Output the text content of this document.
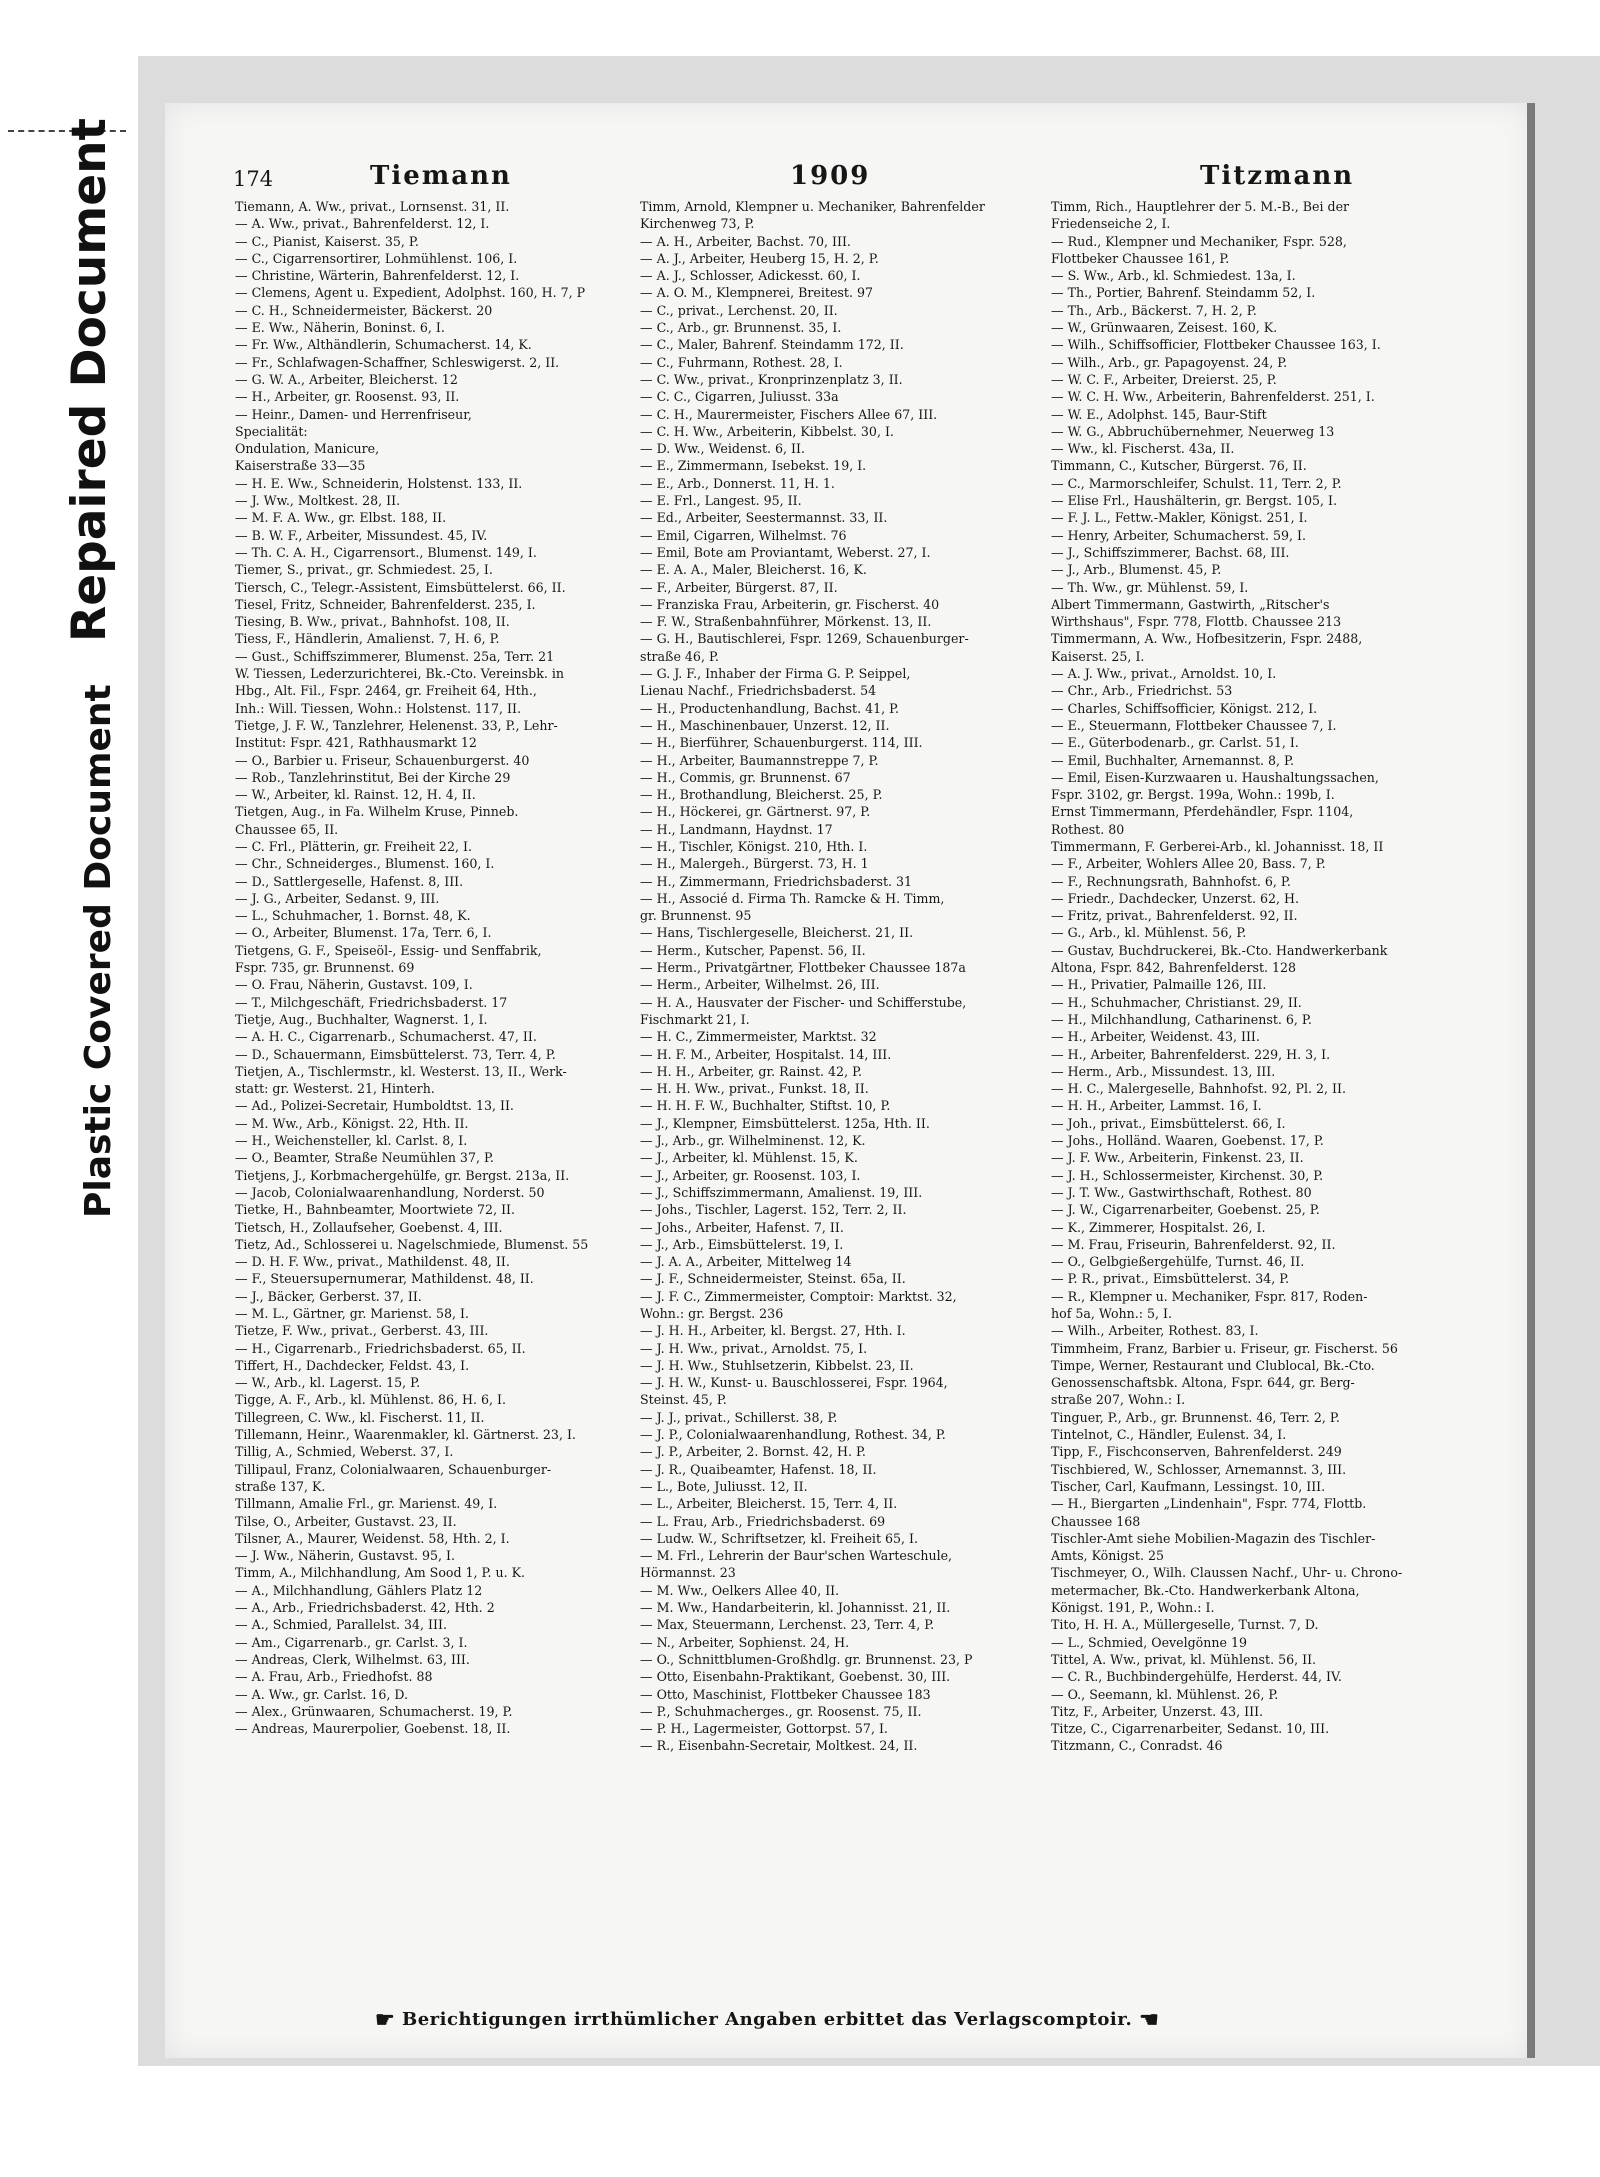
Repaired Document
Plastic Covered Document
174	Tiemann	1909	Titzmann
Tiemann, A. Ww., privat., Lornsenst. 31, II.
— A. Ww., privat., Bahrenfelderst. 12, I.
— C., Pianist, Kaiserst. 35, P.
— C., Cigarrensortirer, Lohmühlenst. 106, I.
— Christine, Wärterin, Bahrenfelderst. 12, I.
— Clemens, Agent u. Expedient, Adolphst. 160, H. 7, P
— C. H., Schneidermeister, Bäckerst. 20
— E. Ww., Näherin, Boninst. 6, I.
— Fr. Ww., Althändlerin, Schumacherst. 14, K.
— Fr., Schlafwagen-Schaffner, Schleswigerst. 2, II.
— G. W. A., Arbeiter, Bleicherst. 12
— H., Arbeiter, gr. Roosenst. 93, II.
— Heinr., Damen- und Herrenfriseur,
Specialität:
Ondulation, Manicure,
Kaiserstraße 33—35
— H. E. Ww., Schneiderin, Holstenst. 133, II.
— J. Ww., Moltkest. 28, II.
— M. F. A. Ww., gr. Elbst. 188, II.
— B. W. F., Arbeiter, Missundest. 45, IV.
— Th. C. A. H., Cigarrensort., Blumenst. 149, I.
Tiemer, S., privat., gr. Schmiedest. 25, I.
Tiersch, C., Telegr.-Assistent, Eimsbüttelerst. 66, II.
Tiesel, Fritz, Schneider, Bahrenfelderst. 235, I.
Tiesing, B. Ww., privat., Bahnhofst. 108, II.
Tiess, F., Händlerin, Amalienst. 7, H. 6, P.
— Gust., Schiffszimmerer, Blumenst. 25a, Terr. 21
W. Tiessen, Lederzurichterei, Bk.-Cto. Vereinsbk. in
Hbg., Alt. Fil., Fspr. 2464, gr. Freiheit 64, Hth.,
Inh.: Will. Tiessen, Wohn.: Holstenst. 117, II.
Tietge, J. F. W., Tanzlehrer, Helenenst. 33, P., Lehr-
Institut: Fspr. 421, Rathhausmarkt 12
— O., Barbier u. Friseur, Schauenburgerst. 40
— Rob., Tanzlehrinstitut, Bei der Kirche 29
— W., Arbeiter, kl. Rainst. 12, H. 4, II.
Tietgen, Aug., in Fa. Wilhelm Kruse, Pinneb.
Chaussee 65, II.
— C. Frl., Plätterin, gr. Freiheit 22, I.
— Chr., Schneiderges., Blumenst. 160, I.
— D., Sattlergeselle, Hafenst. 8, III.
— J. G., Arbeiter, Sedanst. 9, III.
— L., Schuhmacher, 1. Bornst. 48, K.
— O., Arbeiter, Blumenst. 17a, Terr. 6, I.
Tietgens, G. F., Speiseöl-, Essig- und Senffabrik,
Fspr. 735, gr. Brunnenst. 69
— O. Frau, Näherin, Gustavst. 109, I.
— T., Milchgeschäft, Friedrichsbaderst. 17
Tietje, Aug., Buchhalter, Wagnerst. 1, I.
— A. H. C., Cigarrenarb., Schumacherst. 47, II.
— D., Schauermann, Eimsbüttelerst. 73, Terr. 4, P.
Tietjen, A., Tischlermstr., kl. Westerst. 13, II., Werk-
statt: gr. Westerst. 21, Hinterh.
— Ad., Polizei-Secretair, Humboldtst. 13, II.
— M. Ww., Arb., Königst. 22, Hth. II.
— H., Weichensteller, kl. Carlst. 8, I.
— O., Beamter, Straße Neumühlen 37, P.
Tietjens, J., Korbmachergehülfe, gr. Bergst. 213a, II.
— Jacob, Colonialwaarenhandlung, Norderst. 50
Tietke, H., Bahnbeamter, Moortwiete 72, II.
Tietsch, H., Zollaufseher, Goebenst. 4, III.
Tietz, Ad., Schlosserei u. Nagelschmiede, Blumenst. 55
— D. H. F. Ww., privat., Mathildenst. 48, II.
— F., Steuersupernumerar, Mathildenst. 48, II.
— J., Bäcker, Gerberst. 37, II.
— M. L., Gärtner, gr. Marienst. 58, I.
Tietze, F. Ww., privat., Gerberst. 43, III.
— H., Cigarrenarb., Friedrichsbaderst. 65, II.
Tiffert, H., Dachdecker, Feldst. 43, I.
— W., Arb., kl. Lagerst. 15, P.
Tigge, A. F., Arb., kl. Mühlenst. 86, H. 6, I.
Tillegreen, C. Ww., kl. Fischerst. 11, II.
Tillemann, Heinr., Waarenmakler, kl. Gärtnerst. 23, I.
Tillig, A., Schmied, Weberst. 37, I.
Tillipaul, Franz, Colonialwaaren, Schauenburger-
straße 137, K.
Tillmann, Amalie Frl., gr. Marienst. 49, I.
Tilse, O., Arbeiter, Gustavst. 23, II.
Tilsner, A., Maurer, Weidenst. 58, Hth. 2, I.
— J. Ww., Näherin, Gustavst. 95, I.
Timm, A., Milchhandlung, Am Sood 1, P. u. K.
— A., Milchhandlung, Gählers Platz 12
— A., Arb., Friedrichsbaderst. 42, Hth. 2
— A., Schmied, Parallelst. 34, III.
— Am., Cigarrenarb., gr. Carlst. 3, I.
— Andreas, Clerk, Wilhelmst. 63, III.
— A. Frau, Arb., Friedhofst. 88
— A. Ww., gr. Carlst. 16, D.
— Alex., Grünwaaren, Schumacherst. 19, P.
— Andreas, Maurerpolier, Goebenst. 18, II.
Timm, Arnold, Klempner u. Mechaniker, Bahrenfelder
Kirchenweg 73, P.
— A. H., Arbeiter, Bachst. 70, III.
— A. J., Arbeiter, Heuberg 15, H. 2, P.
— A. J., Schlosser, Adickesst. 60, I.
— A. O. M., Klempnerei, Breitest. 97
— C., privat., Lerchenst. 20, II.
— C., Arb., gr. Brunnenst. 35, I.
— C., Maler, Bahrenf. Steindamm 172, II.
— C., Fuhrmann, Rothest. 28, I.
— C. Ww., privat., Kronprinzenplatz 3, II.
— C. C., Cigarren, Juliusst. 33a
— C. H., Maurermeister, Fischers Allee 67, III.
— C. H. Ww., Arbeiterin, Kibbelst. 30, I.
— D. Ww., Weidenst. 6, II.
— E., Zimmermann, Isebekst. 19, I.
— E., Arb., Donnerst. 11, H. 1.
— E. Frl., Langest. 95, II.
— Ed., Arbeiter, Seestermannst. 33, II.
— Emil, Cigarren, Wilhelmst. 76
— Emil, Bote am Proviantamt, Weberst. 27, I.
— E. A. A., Maler, Bleicherst. 16, K.
— F., Arbeiter, Bürgerst. 87, II.
— Franziska Frau, Arbeiterin, gr. Fischerst. 40
— F. W., Straßenbahnführer, Mörkenst. 13, II.
— G. H., Bautischlerei, Fspr. 1269, Schauenburger-
straße 46, P.
— G. J. F., Inhaber der Firma G. P. Seippel,
Lienau Nachf., Friedrichsbaderst. 54
— H., Productenhandlung, Bachst. 41, P.
— H., Maschinenbauer, Unzerst. 12, II.
— H., Bierführer, Schauenburgerst. 114, III.
— H., Arbeiter, Baumannstreppe 7, P.
— H., Commis, gr. Brunnenst. 67
— H., Brothandlung, Bleicherst. 25, P.
— H., Höckerei, gr. Gärtnerst. 97, P.
— H., Landmann, Haydnst. 17
— H., Tischler, Königst. 210, Hth. I.
— H., Malergeh., Bürgerst. 73, H. 1
— H., Zimmermann, Friedrichsbaderst. 31
— H., Associé d. Firma Th. Ramcke & H. Timm,
gr. Brunnenst. 95
— Hans, Tischlergeselle, Bleicherst. 21, II.
— Herm., Kutscher, Papenst. 56, II.
— Herm., Privatgärtner, Flottbeker Chaussee 187a
— Herm., Arbeiter, Wilhelmst. 26, III.
— H. A., Hausvater der Fischer- und Schifferstube,
Fischmarkt 21, I.
— H. C., Zimmermeister, Marktst. 32
— H. F. M., Arbeiter, Hospitalst. 14, III.
— H. H., Arbeiter, gr. Rainst. 42, P.
— H. H. Ww., privat., Funkst. 18, II.
— H. H. F. W., Buchhalter, Stiftst. 10, P.
— J., Klempner, Eimsbüttelerst. 125a, Hth. II.
— J., Arb., gr. Wilhelminenst. 12, K.
— J., Arbeiter, kl. Mühlenst. 15, K.
— J., Arbeiter, gr. Roosenst. 103, I.
— J., Schiffszimmermann, Amalienst. 19, III.
— Johs., Tischler, Lagerst. 152, Terr. 2, II.
— Johs., Arbeiter, Hafenst. 7, II.
— J., Arb., Eimsbüttelerst. 19, I.
— J. A. A., Arbeiter, Mittelweg 14
— J. F., Schneidermeister, Steinst. 65a, II.
— J. F. C., Zimmermeister, Comptoir: Marktst. 32,
Wohn.: gr. Bergst. 236
— J. H. H., Arbeiter, kl. Bergst. 27, Hth. I.
— J. H. Ww., privat., Arnoldst. 75, I.
— J. H. Ww., Stuhlsetzerin, Kibbelst. 23, II.
— J. H. W., Kunst- u. Bauschlosserei, Fspr. 1964,
Steinst. 45, P.
— J. J., privat., Schillerst. 38, P.
— J. P., Colonialwaarenhandlung, Rothest. 34, P.
— J. P., Arbeiter, 2. Bornst. 42, H. P.
— J. R., Quaibeamter, Hafenst. 18, II.
— L., Bote, Juliusst. 12, II.
— L., Arbeiter, Bleicherst. 15, Terr. 4, II.
— L. Frau, Arb., Friedrichsbaderst. 69
— Ludw. W., Schriftsetzer, kl. Freiheit 65, I.
— M. Frl., Lehrerin der Baur'schen Warteschule,
Hörmannst. 23
— M. Ww., Oelkers Allee 40, II.
— M. Ww., Handarbeiterin, kl. Johannisst. 21, II.
— Max, Steuermann, Lerchenst. 23, Terr. 4, P.
— N., Arbeiter, Sophienst. 24, H.
— O., Schnittblumen-Großhdlg. gr. Brunnenst. 23, P
— Otto, Eisenbahn-Praktikant, Goebenst. 30, III.
— Otto, Maschinist, Flottbeker Chaussee 183
— P., Schuhmacherges., gr. Roosenst. 75, II.
— P. H., Lagermeister, Gottorpst. 57, I.
— R., Eisenbahn-Secretair, Moltkest. 24, II.
Timm, Rich., Hauptlehrer der 5. M.-B., Bei der
Friedenseiche 2, I.
— Rud., Klempner und Mechaniker, Fspr. 528,
Flottbeker Chaussee 161, P.
— S. Ww., Arb., kl. Schmiedest. 13a, I.
— Th., Portier, Bahrenf. Steindamm 52, I.
— Th., Arb., Bäckerst. 7, H. 2, P.
— W., Grünwaaren, Zeisest. 160, K.
— Wilh., Schiffsofficier, Flottbeker Chaussee 163, I.
— Wilh., Arb., gr. Papagoyenst. 24, P.
— W. C. F., Arbeiter, Dreierst. 25, P.
— W. C. H. Ww., Arbeiterin, Bahrenfelderst. 251, I.
— W. E., Adolphst. 145, Baur-Stift
— W. G., Abbruchübernehmer, Neuerweg 13
— Ww., kl. Fischerst. 43a, II.
Timmann, C., Kutscher, Bürgerst. 76, II.
— C., Marmorschleifer, Schulst. 11, Terr. 2, P.
— Elise Frl., Haushälterin, gr. Bergst. 105, I.
— F. J. L., Fettw.-Makler, Königst. 251, I.
— Henry, Arbeiter, Schumacherst. 59, I.
— J., Schiffszimmerer, Bachst. 68, III.
— J., Arb., Blumenst. 45, P.
— Th. Ww., gr. Mühlenst. 59, I.
Albert Timmermann, Gastwirth, „Ritscher's
Wirthshaus", Fspr. 778, Flottb. Chaussee 213
Timmermann, A. Ww., Hofbesitzerin, Fspr. 2488,
Kaiserst. 25, I.
— A. J. Ww., privat., Arnoldst. 10, I.
— Chr., Arb., Friedrichst. 53
— Charles, Schiffsofficier, Königst. 212, I.
— E., Steuermann, Flottbeker Chaussee 7, I.
— E., Güterbodenarb., gr. Carlst. 51, I.
— Emil, Buchhalter, Arnemannst. 8, P.
— Emil, Eisen-Kurzwaaren u. Haushaltungssachen,
Fspr. 3102, gr. Bergst. 199a, Wohn.: 199b, I.
Ernst Timmermann, Pferdehändler, Fspr. 1104,
Rothest. 80
Timmermann, F. Gerberei-Arb., kl. Johannisst. 18, II
— F., Arbeiter, Wohlers Allee 20, Bass. 7, P.
— F., Rechnungsrath, Bahnhofst. 6, P.
— Friedr., Dachdecker, Unzerst. 62, H.
— Fritz, privat., Bahrenfelderst. 92, II.
— G., Arb., kl. Mühlenst. 56, P.
— Gustav, Buchdruckerei, Bk.-Cto. Handwerkerbank
Altona, Fspr. 842, Bahrenfelderst. 128
— H., Privatier, Palmaille 126, III.
— H., Schuhmacher, Christianst. 29, II.
— H., Milchhandlung, Catharinenst. 6, P.
— H., Arbeiter, Weidenst. 43, III.
— H., Arbeiter, Bahrenfelderst. 229, H. 3, I.
— Herm., Arb., Missundest. 13, III.
— H. C., Malergeselle, Bahnhofst. 92, Pl. 2, II.
— H. H., Arbeiter, Lammst. 16, I.
— Joh., privat., Eimsbüttelerst. 66, I.
— Johs., Holländ. Waaren, Goebenst. 17, P.
— J. F. Ww., Arbeiterin, Finkenst. 23, II.
— J. H., Schlossermeister, Kirchenst. 30, P.
— J. T. Ww., Gastwirthschaft, Rothest. 80
— J. W., Cigarrenarbeiter, Goebenst. 25, P.
— K., Zimmerer, Hospitalst. 26, I.
— M. Frau, Friseurin, Bahrenfelderst. 92, II.
— O., Gelbgießergehülfe, Turnst. 46, II.
— P. R., privat., Eimsbüttelerst. 34, P.
— R., Klempner u. Mechaniker, Fspr. 817, Roden-
hof 5a, Wohn.: 5, I.
— Wilh., Arbeiter, Rothest. 83, I.
Timmheim, Franz, Barbier u. Friseur, gr. Fischerst. 56
Timpe, Werner, Restaurant und Clublocal, Bk.-Cto.
Genossenschaftsbk. Altona, Fspr. 644, gr. Berg-
straße 207, Wohn.: I.
Tinguer, P., Arb., gr. Brunnenst. 46, Terr. 2, P.
Tintelnot, C., Händler, Eulenst. 34, I.
Tipp, F., Fischconserven, Bahrenfelderst. 249
Tischbiered, W., Schlosser, Arnemannst. 3, III.
Tischer, Carl, Kaufmann, Lessingst. 10, III.
— H., Biergarten „Lindenhain", Fspr. 774, Flottb.
Chaussee 168
Tischler-Amt siehe Mobilien-Magazin des Tischler-
Amts, Königst. 25
Tischmeyer, O., Wilh. Claussen Nachf., Uhr- u. Chrono-
metermacher, Bk.-Cto. Handwerkerbank Altona,
Königst. 191, P., Wohn.: I.
Tito, H. H. A., Müllergeselle, Turnst. 7, D.
— L., Schmied, Oevelgönne 19
Tittel, A. Ww., privat, kl. Mühlenst. 56, II.
— C. R., Buchbindergehülfe, Herderst. 44, IV.
— O., Seemann, kl. Mühlenst. 26, P.
Titz, F., Arbeiter, Unzerst. 43, III.
Titze, C., Cigarrenarbeiter, Sedanst. 10, III.
Titzmann, C., Conradst. 46
☛ Berichtigungen irrthümlicher Angaben erbittet das Verlagscomptoir. ☚
